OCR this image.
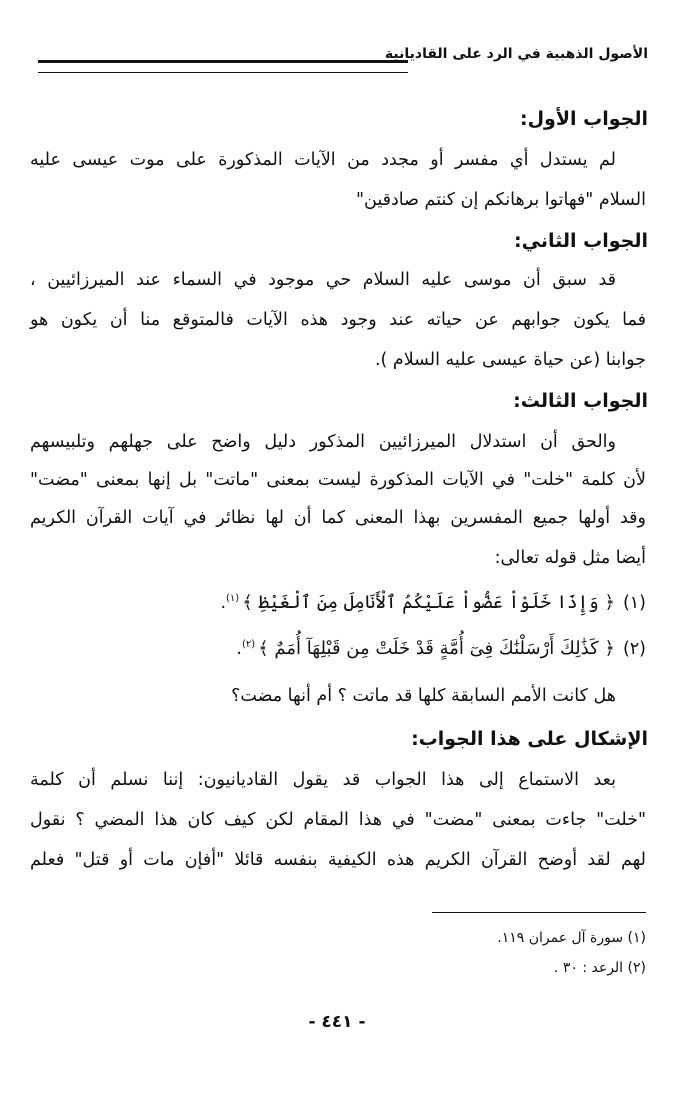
الأصول الذهبية في الرد على القاديانية
الجواب الأول:
لم يستدل أي مفسر أو مجدد من الآيات المذكورة على موت عيسى عليه
السلام "فهاتوا برهانكم إن كنتم صادقين"
الجواب الثاني:
قد سبق أن موسى عليه السلام حي موجود في السماء عند الميرزائيين ،
فما يكون جوابهم عن حياته عند وجود هذه الآيات فالمتوقع منا أن يكون هو
جوابنا (عن حياة عيسى عليه السلام ).
الجواب الثالث:
والحق أن استدلال الميرزائيين المذكور دليل واضح على جهلهم وتلبيسهم
لأن كلمة "خلت" في الآيات المذكورة ليست بمعنى "ماتت" بل إنها بمعنى "مضت"
وقد أولها جميع المفسرين بهذا المعنى كما أن لها نظائر في آيات القرآن الكريم
أيضا مثل قوله تعالى:
(١)﴿ وَإِذَا خَلَوْاْ عَضُّواْ عَلَيْكُمُ ٱلْأَنَامِلَ مِنَ ٱلْغَيْظِ ﴾$^{(١)}$.
(٢)﴿ كَذَٰلِكَ أَرْسَلْنَٰكَ فِىٓ أُمَّةٍ قَدْ خَلَتْ مِن قَبْلِهَآ أُمَمٌ ﴾$^{(٢)}$.
هل كانت الأمم السابقة كلها قد ماتت ؟ أم أنها مضت؟
الإشكال على هذا الجواب:
بعد الاستماع إلى هذا الجواب قد يقول القاديانيون: إننا نسلم أن كلمة
"خلت" جاءت بمعنى "مضت" في هذا المقام لكن كيف كان هذا المضي ؟ نقول
لهم لقد أوضح القرآن الكريم هذه الكيفية بنفسه قائلا "أفإن مات أو قتل" فعلم
(١) سورة آل عمران ١١٩.
(٢) الرعد : ٣٠ .
- ٤٤١ -
